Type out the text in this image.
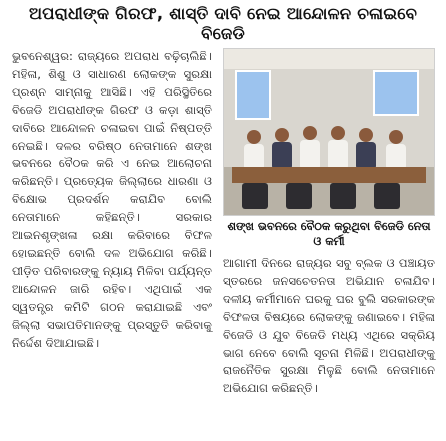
ଅପରାଧୀଙ୍କ ଗିରଫ, ଶାସ୍ତି ଦାବି ନେଇ ଆନ୍ଦୋଳନ ଚଳାଇବେ ବିଜେଡି
ଭୁବନେଶ୍ୱର: ରାଜ୍ୟରେ ଅପରାଧ ବଢ଼ିଚାଲିଛି। ମହିଳା, ଶିଶୁ ଓ ସାଧାରଣ ଲୋକଙ୍କ ସୁରକ୍ଷା ପ୍ରଶ୍ନ ସାମ୍ନାକୁ ଆସିଛି। ଏହି ପରିସ୍ଥିତିରେ ବିଜେଡି ଅପରାଧୀଙ୍କ ଗିରଫ ଓ କଡ଼ା ଶାସ୍ତି ଦାବିରେ ଆନ୍ଦୋଳନ ଚଳାଇବା ପାଇଁ ନିଷ୍ପତ୍ତି ନେଇଛି। ଦଳର ବରିଷ୍ଠ ନେତାମାନେ ଶଙ୍ଖ ଭବନରେ ବୈଠକ କରି ଏ ନେଇ ଆଲୋଚନା କରିଛନ୍ତି। ପ୍ରତ୍ୟେକ ଜିଲ୍ଲାରେ ଧାରଣା ଓ ବିକ୍ଷୋଭ ପ୍ରଦର୍ଶନ କରାଯିବ ବୋଲି ନେତାମାନେ କହିଛନ୍ତି। ସରକାର ଆଇନଶୃଙ୍ଖଳା ରକ୍ଷା କରିବାରେ ବିଫଳ ହୋଇଛନ୍ତି ବୋଲି ଦଳ ଅଭିଯୋଗ କରିଛି। ପୀଡ଼ିତ ପରିବାରଙ୍କୁ ନ୍ୟାୟ ମିଳିବା ପର୍ଯ୍ୟନ୍ତ ଆନ୍ଦୋଳନ ଜାରି ରହିବ। ଏଥିପାଇଁ ଏକ ସ୍ୱତନ୍ତ୍ର କମିଟି ଗଠନ କରାଯାଇଛି ଏବଂ ଜିଲ୍ଲା ସଭାପତିମାନଙ୍କୁ ପ୍ରସ୍ତୁତି କରିବାକୁ ନିର୍ଦ୍ଦେଶ ଦିଆଯାଇଛି।
ଶଙ୍ଖ ଭବନରେ ବୈଠକ କରୁଥିବା ବିଜେଡି ନେତା ଓ କର୍ମୀ
ଆଗାମୀ ଦିନରେ ରାଜ୍ୟର ସବୁ ବ୍ଲକ ଓ ପଞ୍ଚାୟତ ସ୍ତରରେ ଜନସଚେତନତା ଅଭିଯାନ ଚଳାଯିବ। ଦଳୀୟ କର୍ମୀମାନେ ଘରକୁ ଘର ବୁଲି ସରକାରଙ୍କ ବିଫଳତା ବିଷୟରେ ଲୋକଙ୍କୁ ଜଣାଇବେ। ମହିଳା ବିଜେଡି ଓ ଯୁବ ବିଜେଡି ମଧ୍ୟ ଏଥିରେ ସକ୍ରିୟ ଭାଗ ନେବେ ବୋଲି ସୂଚନା ମିଳିଛି। ଅପରାଧୀଙ୍କୁ ରାଜନୈତିକ ସୁରକ୍ଷା ମିଳୁଛି ବୋଲି ନେତାମାନେ ଅଭିଯୋଗ କରିଛନ୍ତି।
